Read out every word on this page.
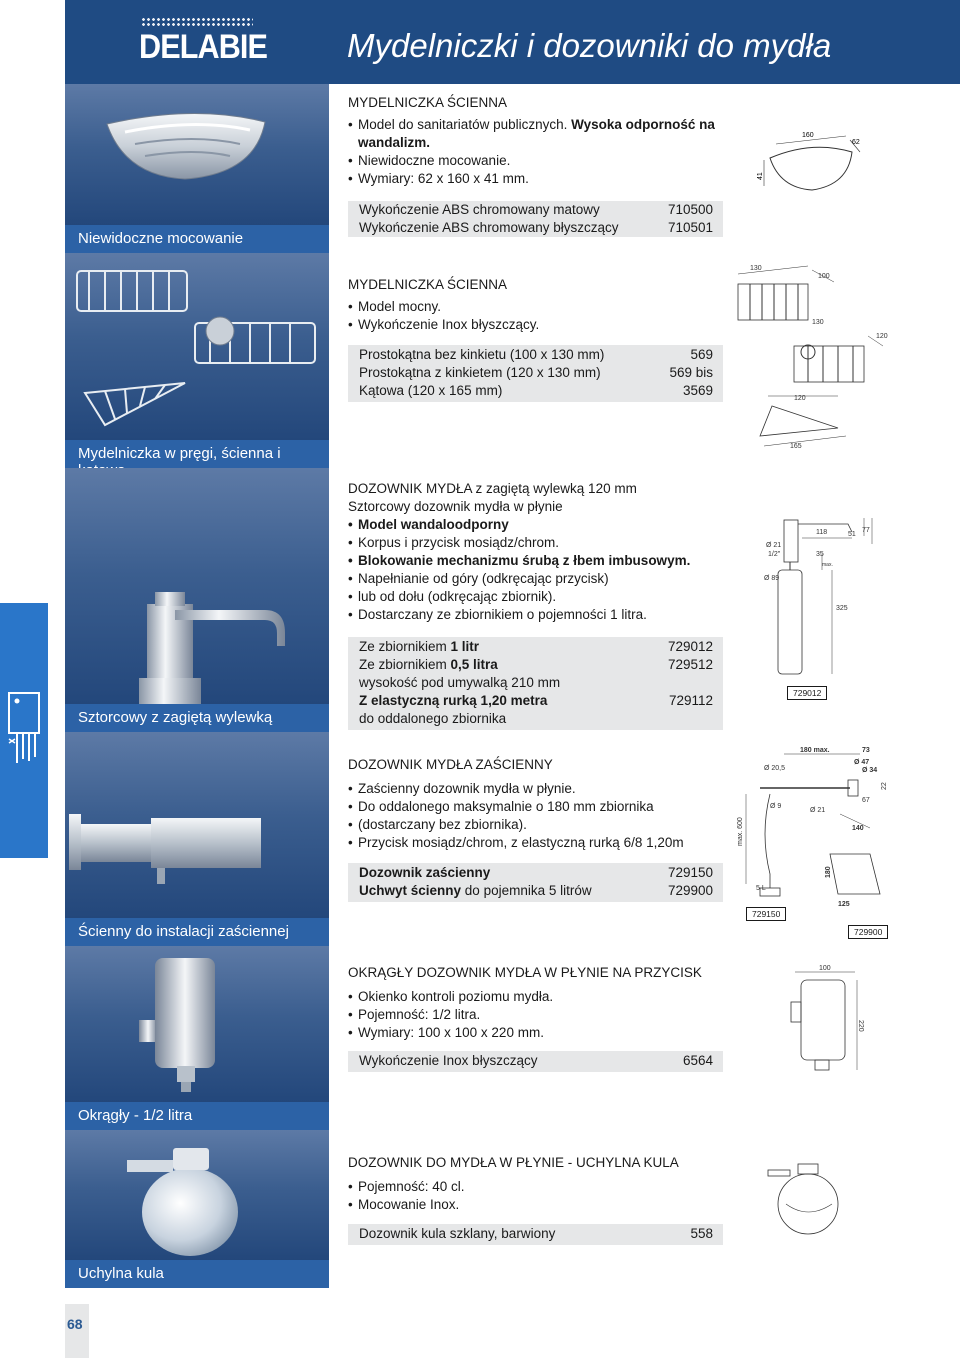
DELABIE Mydelniczki i dozowniki do mydła
Niewidoczne mocowanie
Mydelniczka w pręgi, ścienna i
Sztorcowy z zagiętą wylewką
Ścienny do instalacji zaściennej
Okrągły - 1/2 litra
Uchylna kula
MYDELNICZKA ŚCIENNA
• Model do sanitariatów publicznych. Wysoka odporność na wandalizm.
• Niewidoczne mocowanie.
• Wymiary: 62 x 160 x 41 mm.
Wykończenie ABS chromowany matowy	710500
Wykończenie ABS chromowany błyszczący	710501
160
62
41
MYDELNICZKA ŚCIENNA
• Model mocny.
• Wykończenie Inox błyszczący.
Prostokątna bez kinkietu (100 x 130 mm)	569
Prostokątna z kinkietem (120 x 130 mm)	569 bis
Kątowa (120 x 165 mm)	3569
130
100
130
120
120
165
DOZOWNIK MYDŁA z zagiętą wylewką 120 mm
Sztorcowy dozownik mydła w płynie
• Model wandaloodporny
• Korpus i przycisk mosiądz/chrom.
• Blokowanie mechanizmu śrubą z łbem imbusowym.
• Napełnianie od góry (odkręcając przycisk)
• lub od dołu (odkręcając zbiornik).
• Dostarczany ze zbiornikiem o pojemności 1 litra.
Ze zbiornikiem 1 litr	729012
Ze zbiornikiem 0,5 litra	729512
wysokość pod umywalką 210 mm
Z elastyczną rurką 1,20 metra	729112
do oddalonego zbiornika
Ø 21
1/2"
Ø 89
118
35
max.
51
77
325
729012
DOZOWNIK MYDŁA ZAŚCIENNY
• Zaścienny dozownik mydła w płynie.
• Do oddalonego maksymalnie o 180 mm zbiornika
• (dostarczany bez zbiornika).
• Przycisk mosiądz/chrom, z elastyczną rurką 6/8 1,20m
Dozownik zaścienny	729150
Uchwyt ścienny do pojemnika 5 litrów	729900
180 max.	73
Ø 20,5
Ø 47
Ø 34
Ø 9
Ø 21
67
22
max. 600	140
180
125
5 L
729150
729900
OKRĄGŁY DOZOWNIK MYDŁA W PŁYNIE NA PRZYCISK
• Okienko kontroli poziomu mydła.
• Pojemność: 1/2 litra.
• Wymiary: 100 x 100 x 220 mm.
Wykończenie Inox błyszczący	6564
100
220
DOZOWNIK DO MYDŁA W PŁYNIE - UCHYLNA KULA
• Pojemność: 40 cl.
• Mocowanie Inox.
Dozownik kula szklany, barwiony	558
68
